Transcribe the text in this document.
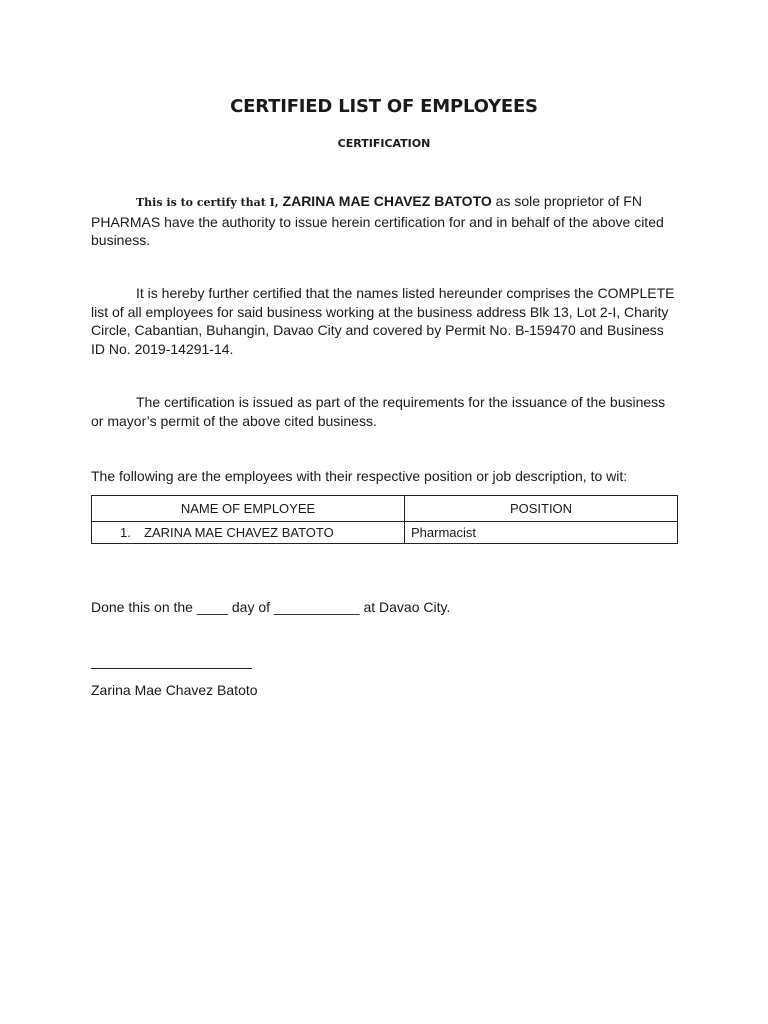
CERTIFIED LIST OF EMPLOYEES
CERTIFICATION
This is to certify that I, ZARINA MAE CHAVEZ BATOTO as sole proprietor of FN PHARMAS have the authority to issue herein certification for and in behalf of the above cited business.
It is hereby further certified that the names listed hereunder comprises the COMPLETE list of all employees for said business working at the business address Blk 13, Lot 2-I, Charity Circle, Cabantian, Buhangin, Davao City and covered by Permit No. B-159470 and Business ID No. 2019-14291-14.
The certification is issued as part of the requirements for the issuance of the business or mayor’s permit of the above cited business.
The following are the employees with their respective position or job description, to wit:
NAME OF EMPLOYEE	POSITION
1. ZARINA MAE CHAVEZ BATOTO	Pharmacist
Done this on the ____ day of ___________ at Davao City.
Zarina Mae Chavez Batoto
